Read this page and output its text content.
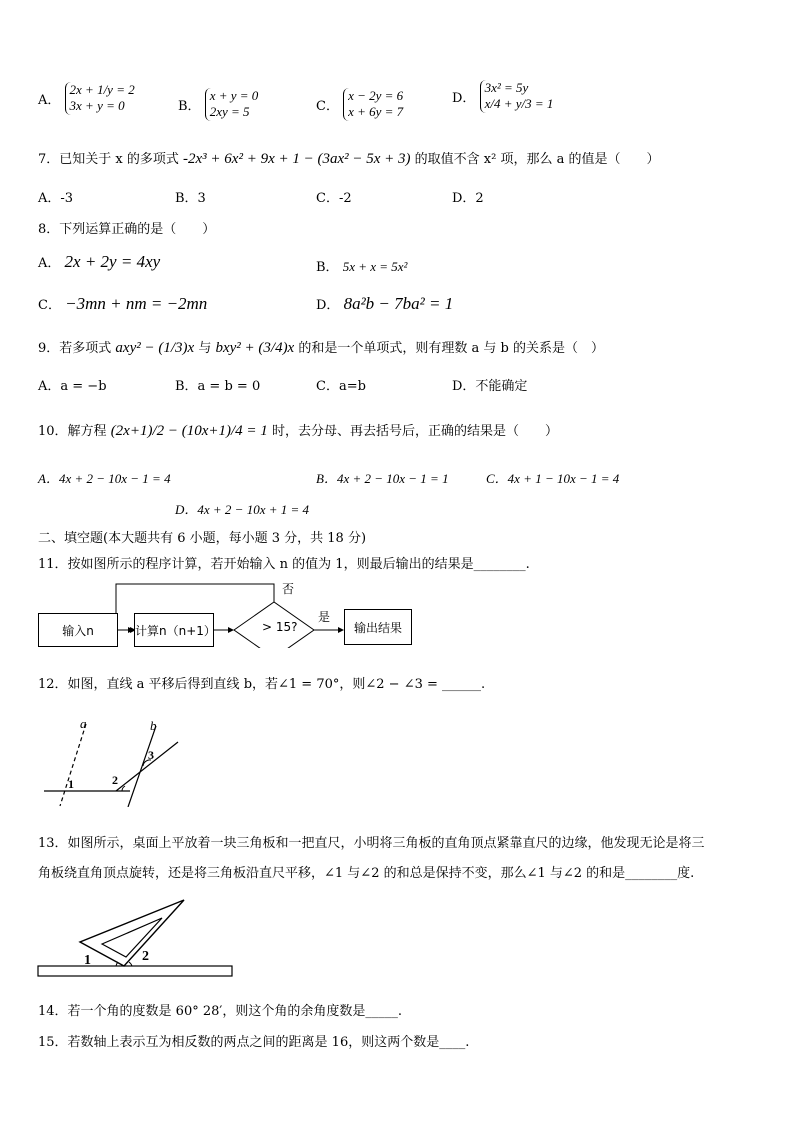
A．
2x + 1/y = 2
3x + y = 0	B．
x + y = 0
2xy = 5	C．
x − 2y = 6
x + 6y = 7
D．
3x² = 5y
x/4 + y/3 = 1
7．已知关于 x 的多项式 -2x³ + 6x² + 9x + 1 − (3ax² − 5x + 3) 的取值不含 x² 项，那么 a 的值是（　　）
A．-3	B．3	C．-2	D．2
8．下列运算正确的是（　　）
A． 2x + 2y = 4xy	B． 5x + x = 5x²
C． −3mn + nm = −2mn	D． 8a²b − 7ba² = 1
9．若多项式 axy² − (1/3)x 与 bxy² + (3/4)x 的和是一个单项式，则有理数 a 与 b 的关系是（　）
A．a = −b	B．a = b = 0	C．a=b	D．不能确定
10．解方程 (2x+1)/2 − (10x+1)/4 = 1 时，去分母、再去括号后，正确的结果是（　　）
A．4x + 2 − 10x − 1 = 4	B．4x + 2 − 10x − 1 = 1	C．4x + 1 − 10x − 1 = 4
D．4x + 2 − 10x + 1 = 4
二、填空题(本大题共有 6 小题，每小题 3 分，共 18 分)
11．按如图所示的程序计算，若开始输入 n 的值为 1，则最后输出的结果是________.
输入n	计算n（n+1）	> 15?
否
是
输出结果
12．如图，直线 a 平移后得到直线 b，若∠1 = 70°，则∠2 − ∠3 = ______.
a	b
1	2
3
13．如图所示，桌面上平放着一块三角板和一把直尺，小明将三角板的直角顶点紧靠直尺的边缘，他发现无论是将三
角板绕直角顶点旋转，还是将三角板沿直尺平移，∠1 与∠2 的和总是保持不变，那么∠1 与∠2 的和是________度.
1	2
14．若一个角的度数是 60° 28′，则这个角的余角度数是_____.
15．若数轴上表示互为相反数的两点之间的距离是 16，则这两个数是____.
